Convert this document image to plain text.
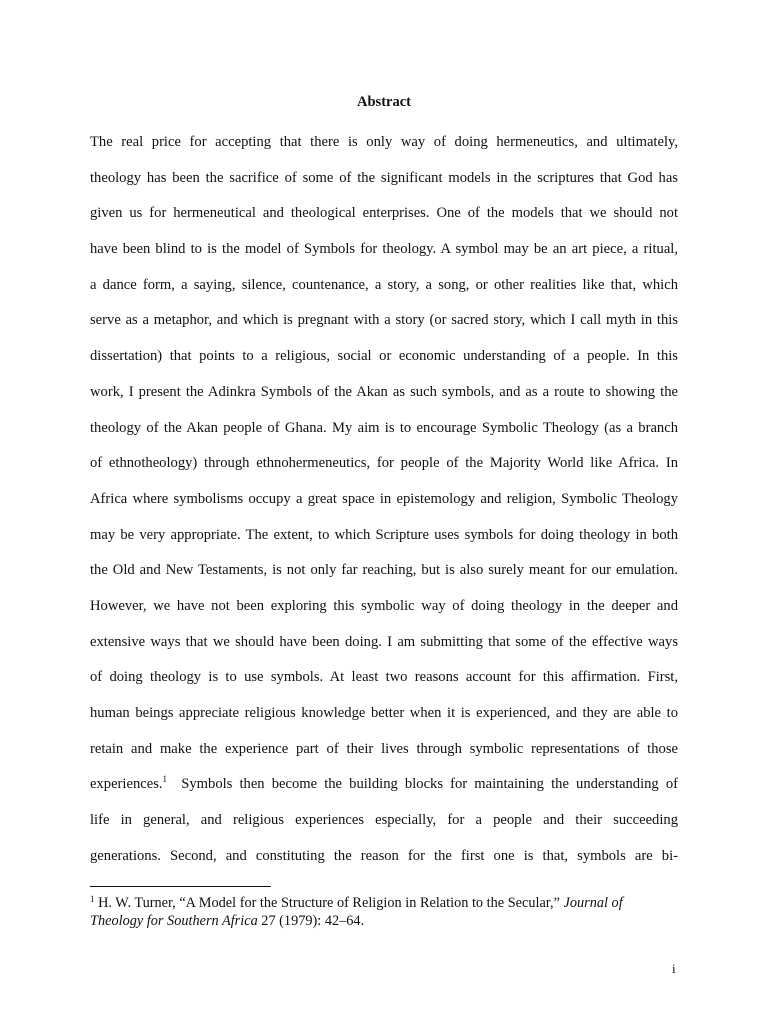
Abstract
The real price for accepting that there is only way of doing hermeneutics, and ultimately,
theology has been the sacrifice of some of the significant models in the scriptures that God has
given us for hermeneutical and theological enterprises. One of the models that we should not
have been blind to is the model of Symbols for theology. A symbol may be an art piece, a ritual,
a dance form, a saying, silence, countenance, a story, a song, or other realities like that, which
serve as a metaphor, and which is pregnant with a story (or sacred story, which I call myth in this
dissertation) that points to a religious, social or economic understanding of a people. In this
work, I present the Adinkra Symbols of the Akan as such symbols, and as a route to showing the
theology of the Akan people of Ghana. My aim is to encourage Symbolic Theology (as a branch
of ethnotheology) through ethnohermeneutics, for people of the Majority World like Africa. In
Africa where symbolisms occupy a great space in epistemology and religion, Symbolic Theology
may be very appropriate. The extent, to which Scripture uses symbols for doing theology in both
the Old and New Testaments, is not only far reaching, but is also surely meant for our emulation.
However, we have not been exploring this symbolic way of doing theology in the deeper and
extensive ways that we should have been doing. I am submitting that some of the effective ways
of doing theology is to use symbols. At least two reasons account for this affirmation. First,
human beings appreciate religious knowledge better when it is experienced, and they are able to
retain and make the experience part of their lives through symbolic representations of those
experiences.$^1$  Symbols then become the building blocks for maintaining the understanding of
life in general, and religious experiences especially, for a people and their succeeding
generations. Second, and constituting the reason for the first one is that, symbols are bi-
$^1$ H. W. Turner, “A Model for the Structure of Religion in Relation to the Secular,” Journal of Theology for Southern Africa 27 (1979): 42–64.
i
